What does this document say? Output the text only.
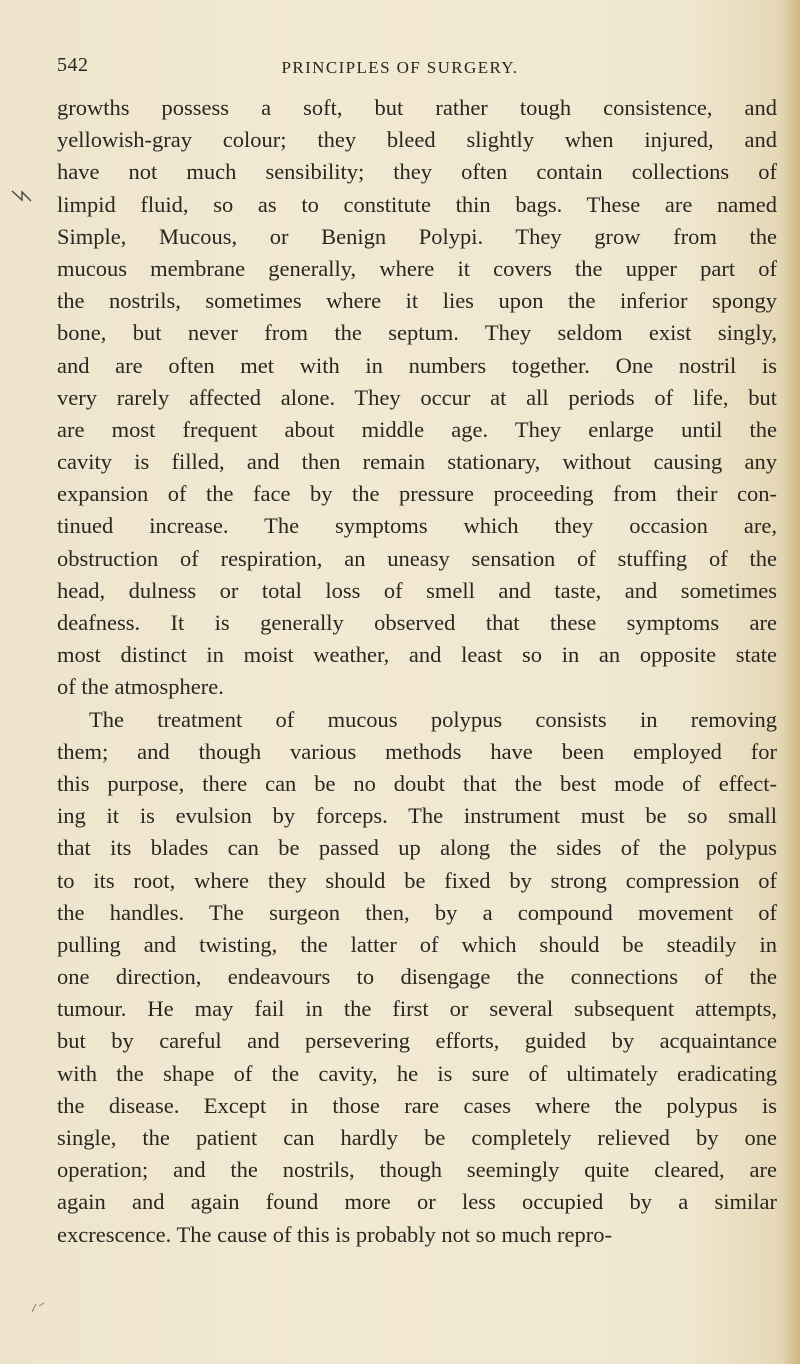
542	PRINCIPLES OF SURGERY.
growths possess a soft, but rather tough consistence, and
yellowish-gray colour; they bleed slightly when injured, and
have not much sensibility; they often contain collections of
limpid fluid, so as to constitute thin bags. These are named
Simple, Mucous, or Benign Polypi. They grow from the
mucous membrane generally, where it covers the upper part of
the nostrils, sometimes where it lies upon the inferior spongy
bone, but never from the septum. They seldom exist singly,
and are often met with in numbers together. One nostril is
very rarely affected alone. They occur at all periods of life, but
are most frequent about middle age. They enlarge until the
cavity is filled, and then remain stationary, without causing any
expansion of the face by the pressure proceeding from their con-
tinued increase. The symptoms which they occasion are,
obstruction of respiration, an uneasy sensation of stuffing of the
head, dulness or total loss of smell and taste, and sometimes
deafness. It is generally observed that these symptoms are
most distinct in moist weather, and least so in an opposite state
of the atmosphere.
The treatment of mucous polypus consists in removing
them; and though various methods have been employed for
this purpose, there can be no doubt that the best mode of effect-
ing it is evulsion by forceps. The instrument must be so small
that its blades can be passed up along the sides of the polypus
to its root, where they should be fixed by strong compression of
the handles. The surgeon then, by a compound movement of
pulling and twisting, the latter of which should be steadily in
one direction, endeavours to disengage the connections of the
tumour. He may fail in the first or several subsequent attempts,
but by careful and persevering efforts, guided by acquaintance
with the shape of the cavity, he is sure of ultimately eradicating
the disease. Except in those rare cases where the polypus is
single, the patient can hardly be completely relieved by one
operation; and the nostrils, though seemingly quite cleared, are
again and again found more or less occupied by a similar
excrescence. The cause of this is probably not so much repro-
